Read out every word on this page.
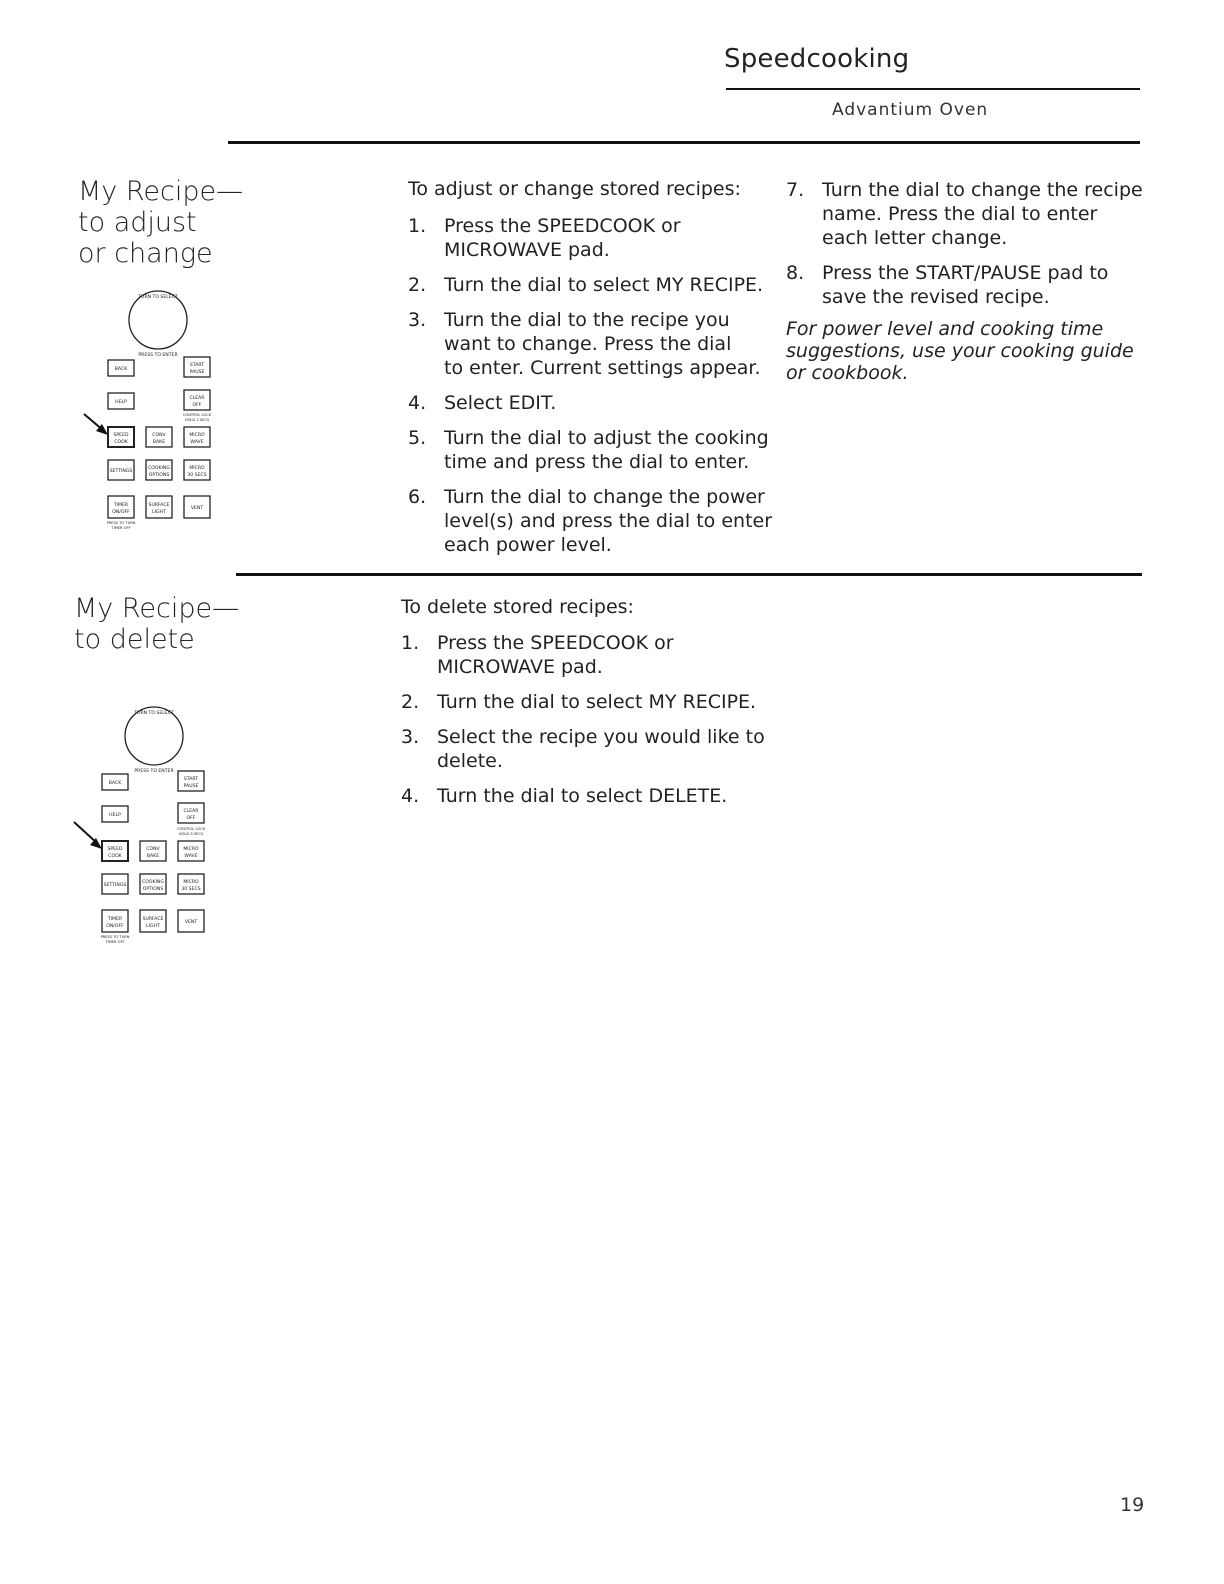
Speedcooking
Advantium Oven
My Recipe—
to adjust
or change
TURN TO SELECT
PRESS TO ENTER
BACK
START
PAUSE
HELP
CLEAR
OFF
CONTROL LOCK
HOLD 3 SECS
SPEED
COOK
CONV
BAKE
MICRO
WAVE
SETTINGS
COOKING
OPTIONS
MICRO
30 SECS
TIMER
ON/OFF
SURFACE
LIGHT
VENT
PRESS TO TURN
TIMER OFF
To adjust or change stored recipes:
1. Press the SPEEDCOOK or
MICROWAVE pad.
2. Turn the dial to select MY RECIPE.
3. Turn the dial to the recipe you
want to change. Press the dial
to enter. Current settings appear.
4. Select EDIT.
5. Turn the dial to adjust the cooking
time and press the dial to enter.
6. Turn the dial to change the power
level(s) and press the dial to enter
each power level.
7. Turn the dial to change the recipe
name. Press the dial to enter
each letter change.
8. Press the START/PAUSE pad to
save the revised recipe.
For power level and cooking time
suggestions, use your cooking guide
or cookbook.
My Recipe—
to delete
TURN TO SELECT
PRESS TO ENTER
BACK
START
PAUSE
HELP
CLEAR
OFF
CONTROL LOCK
HOLD 3 SECS
SPEED
COOK
CONV
BAKE
MICRO
WAVE
SETTINGS
COOKING
OPTIONS
MICRO
30 SECS
TIMER
ON/OFF
SURFACE
LIGHT
VENT
PRESS TO TURN
TIMER OFF
To delete stored recipes:
1. Press the SPEEDCOOK or
MICROWAVE pad.
2. Turn the dial to select MY RECIPE.
3. Select the recipe you would like to
delete.
4. Turn the dial to select DELETE.
19
